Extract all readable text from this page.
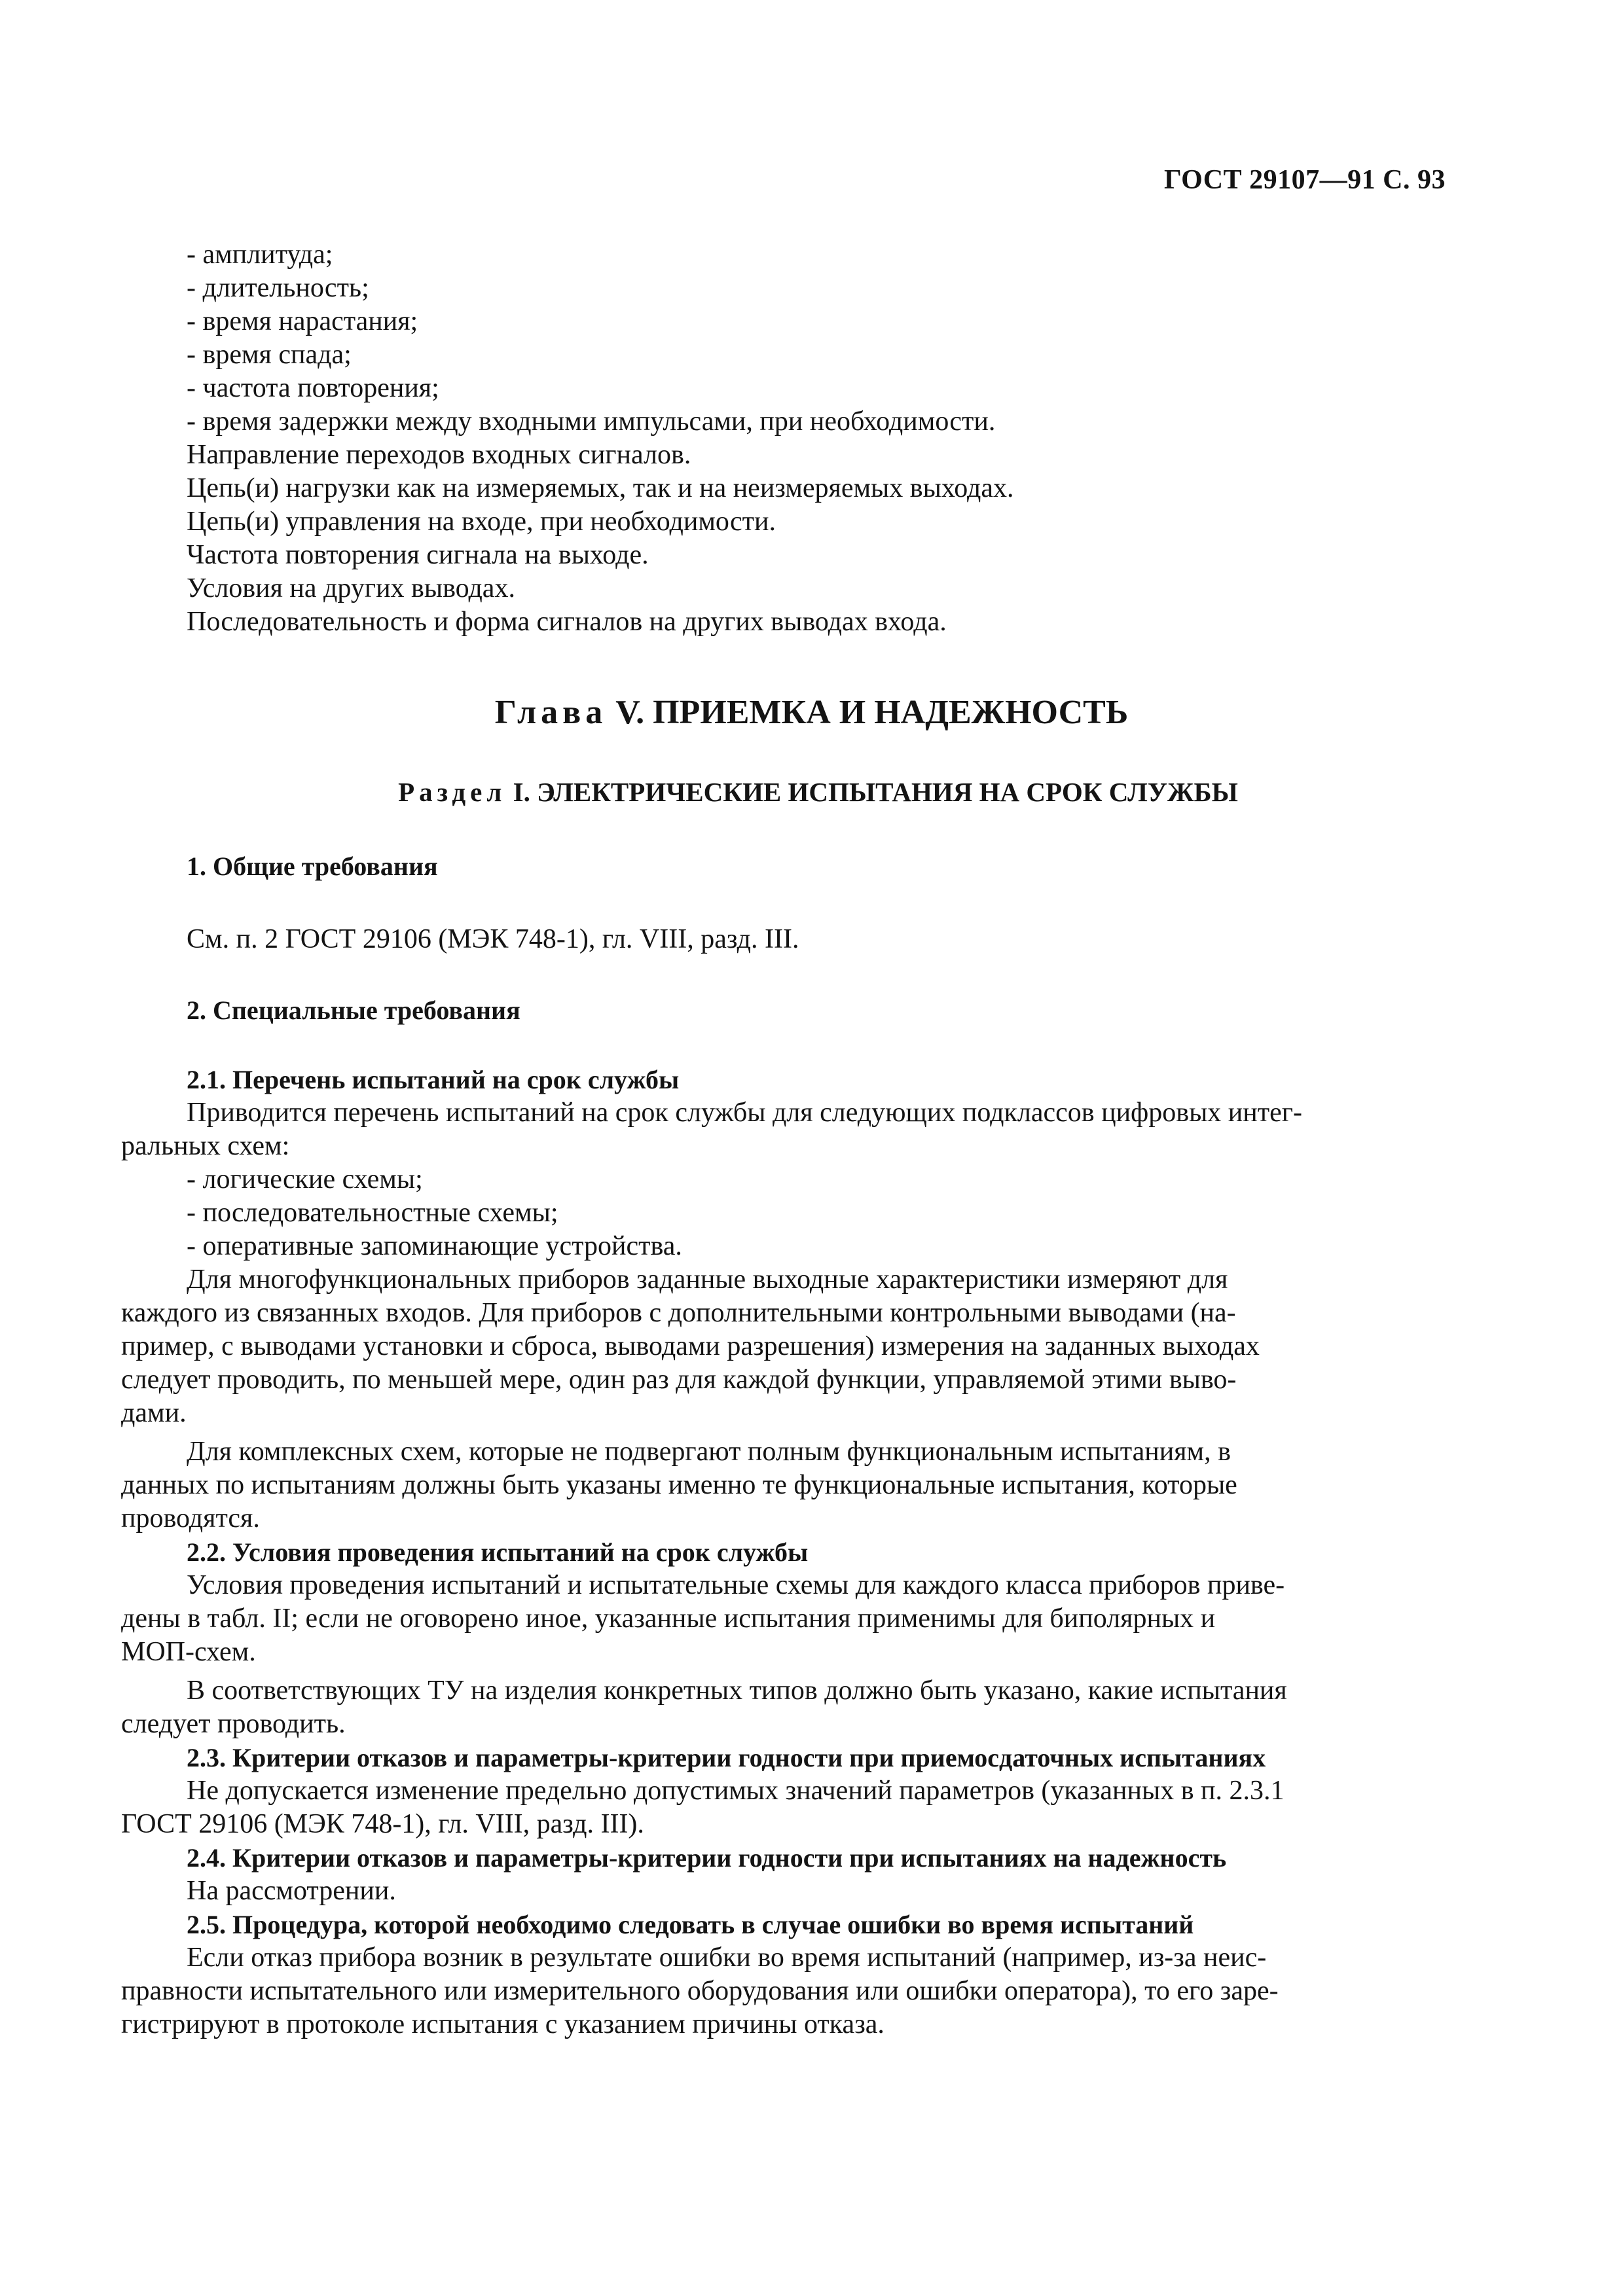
ГОСТ 29107—91 С. 93
- амплитуда;
- длительность;
- время нарастания;
- время спада;
- частота повторения;
- время задержки между входными импульсами, при необходимости.
Направление переходов входных сигналов.
Цепь(и) нагрузки как на измеряемых, так и на неизмеряемых выходах.
Цепь(и) управления на входе, при необходимости.
Частота повторения сигнала на выходе.
Условия на других выводах.
Последовательность и форма сигналов на других выводах входа.
Глава V. ПРИЕМКА И НАДЕЖНОСТЬ
Раздел I. ЭЛЕКТРИЧЕСКИЕ ИСПЫТАНИЯ НА СРОК СЛУЖБЫ
1. Общие требования
См. п. 2 ГОСТ 29106 (МЭК 748-1), гл. VIII, разд. III.
2. Специальные требования
2.1. Перечень испытаний на срок службы
Приводится перечень испытаний на срок службы для следующих подклассов цифровых интег-
ральных схем:
- логические схемы;
- последовательностные схемы;
- оперативные запоминающие устройства.
Для многофункциональных приборов заданные выходные характеристики измеряют для
каждого из связанных входов. Для приборов с дополнительными контрольными выводами (на-
пример, с выводами установки и сброса, выводами разрешения) измерения на заданных выходах
следует проводить, по меньшей мере, один раз для каждой функции, управляемой этими выво-
дами.
Для комплексных схем, которые не подвергают полным функциональным испытаниям, в
данных по испытаниям должны быть указаны именно те функциональные испытания, которые
проводятся.
2.2. Условия проведения испытаний на срок службы
Условия проведения испытаний и испытательные схемы для каждого класса приборов приве-
дены в табл. II; если не оговорено иное, указанные испытания применимы для биполярных и
МОП-схем.
В соответствующих ТУ на изделия конкретных типов должно быть указано, какие испытания
следует проводить.
2.3. Критерии отказов и параметры-критерии годности при приемосдаточных испытаниях
Не допускается изменение предельно допустимых значений параметров (указанных в п. 2.3.1
ГОСТ 29106 (МЭК 748-1), гл. VIII, разд. III).
2.4. Критерии отказов и параметры-критерии годности при испытаниях на надежность
На рассмотрении.
2.5. Процедура, которой необходимо следовать в случае ошибки во время испытаний
Если отказ прибора возник в результате ошибки во время испытаний (например, из-за неис-
правности испытательного или измерительного оборудования или ошибки оператора), то его заре-
гистрируют в протоколе испытания с указанием причины отказа.
